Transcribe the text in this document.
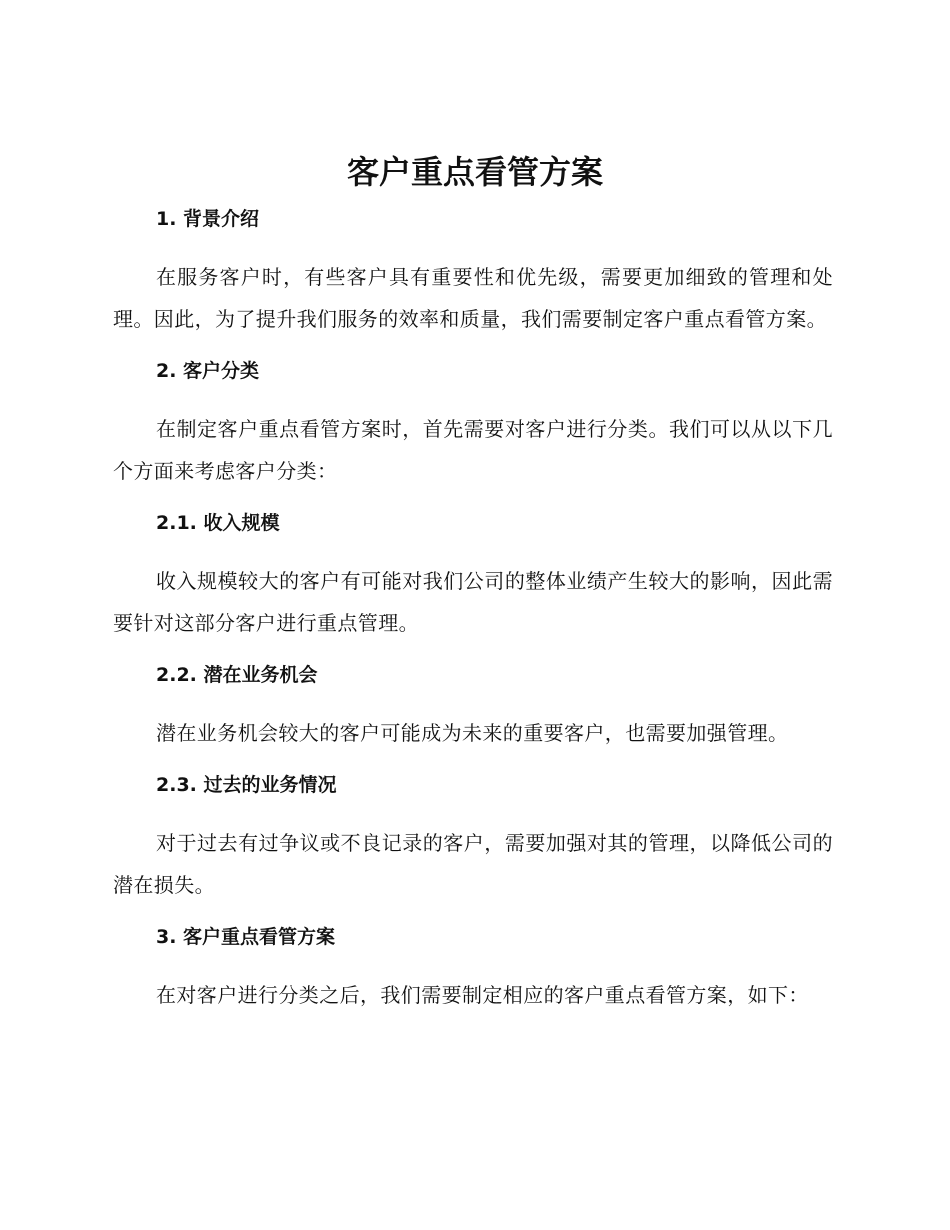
客户重点看管方案
1. 背景介绍

在服务客户时，有些客户具有重要性和优先级，需要更加细致的管理和处理。因此，为了提升我们服务的效率和质量，我们需要制定客户重点看管方案。

2. 客户分类

在制定客户重点看管方案时，首先需要对客户进行分类。我们可以从以下几个方面来考虑客户分类：

2.1. 收入规模

收入规模较大的客户有可能对我们公司的整体业绩产生较大的影响，因此需要针对这部分客户进行重点管理。

2.2. 潜在业务机会

潜在业务机会较大的客户可能成为未来的重要客户，也需要加强管理。

2.3. 过去的业务情况

对于过去有过争议或不良记录的客户，需要加强对其的管理，以降低公司的潜在损失。

3. 客户重点看管方案

在对客户进行分类之后，我们需要制定相应的客户重点看管方案，如下：
